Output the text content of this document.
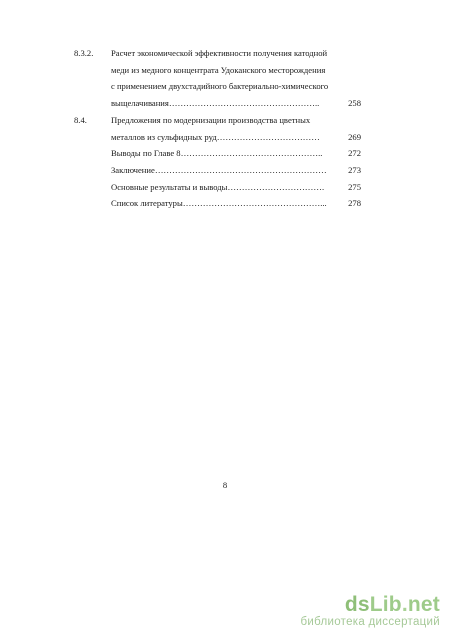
8.3.2. Расчет экономической эффективности получения катодной
меди из медного концентрата Удоканского месторождения
с применением двухстадийного бактериально-химического
выщелачивания……………………………………………..	258
8.4.	Предложения по модернизации производства цветных
металлов из сульфидных руд………………………………	269
Выводы по Главе 8…………………………………………..	272
Заключение……………………………………………………	273
Основные результаты и выводы…………………………….	275
Список литературы…………………………………………...	278
8
dsLib.net
библиотека диссертаций
